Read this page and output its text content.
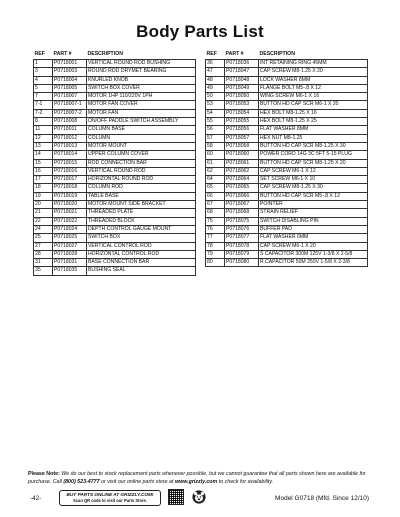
Body Parts List
REF	PART #	DESCRIPTION
1	P0718001	VERTICAL ROUND ROD BUSHING
3	P0718003	ROUND ROD DRYMET BEARING
4	P0718004	KNURLED KNOB
5	P0718005	SWITCH BOX COVER
7	P0718007	MOTOR 1HP 110/220V 1PH
7-1	P0718007-1	MOTOR FAN COVER
7-2	P0718007-2	MOTOR FAN
8	P0718008	ON/OFF PADDLE SWITCH ASSEMBLY
11	P0718011	COLUMN BASE
12	P0718012	COLUMN
13	P0718013	MOTOR MOUNT
14	P0718014	UPPER COLUMN COVER
15	P0718015	ROD CONNECTION BAR
16	P0718016	VERTICAL ROUND ROD
17	P0718017	HORIZONTAL ROUND ROD
18	P0718018	COLUMN ROD
19	P0718019	TABLE BASE
20	P0718020	MOTOR MOUNT SIDE BRACKET
21	P0718021	THREADED PLATE
22	P0718022	THREADED BLOCK
24	P0718024	DEPTH CONTROL GAUGE MOUNT
25	P0718025	SWITCH BOX
27	P0718027	VERTICAL CONTROL ROD
28	P0718028	HORIZONTAL CONTROL ROD
31	P0718031	BASE CONNECTION BAR
35	P0718035	BUSHING SEAL
REF	PART #	DESCRIPTION
36	P0718036	INT RETAINING RING 45MM
47	P0718047	CAP SCREW M8-1.25 X 20
48	P0718048	LOCK WASHER 8MM
49	P0718049	FLANGE BOLT M5-.8 X 12
50	P0718050	WING SCREW M6-1 X 16
53	P0718053	BUTTON HD CAP SCR M6-1 X 20
54	P0718054	HEX BOLT M8-1.25 X 16
55	P0718055	HEX BOLT M8-1.25 X 25
56	P0718056	FLAT WASHER 8MM
57	P0718057	HEX NUT M8-1.25
58	P0718058	BUTTON HD CAP SCR M8-1.25 X 30
60	P0718060	POWER CORD 14G 3C 5FT 5-15 PLUG
61	P0718061	BUTTON HD CAP SCR M8-1.25 X 20
62	P0718062	CAP SCREW M6-1 X 12
64	P0718064	SET SCREW M6-1 X 10
65	P0718065	CAP SCREW M8-1.25 X 30
66	P0718066	BUTTON HD CAP SCR M5-.8 X 12
67	P0718067	POINTER
68	P0718068	STRAIN RELIEF
75	P0718075	SWITCH DISABLING PIN
76	P0718076	BUFFER PAD
77	P0718077	FLAT WASHER 6MM
78	P0718078	CAP SCREW M6-1 X 20
79	P0718079	S CAPACITOR 300M 125V 1-3/8 X 2-5/8
80	P0718080	R CAPACITOR 50M 250V 1-5/8 X 2-3/8
Please Note: We do our best to stock replacement parts whenever possible, but we cannot guarantee that all parts shown here are available for purchase. Call (800) 523-4777 or visit our online parts store at www.grizzly.com to check for availability.
-42-
BUY PARTS ONLINE AT GRIZZLY.COM!
Scan QR code to visit our Parts Store.	Model G0718 (Mfd. Since 12/10)
